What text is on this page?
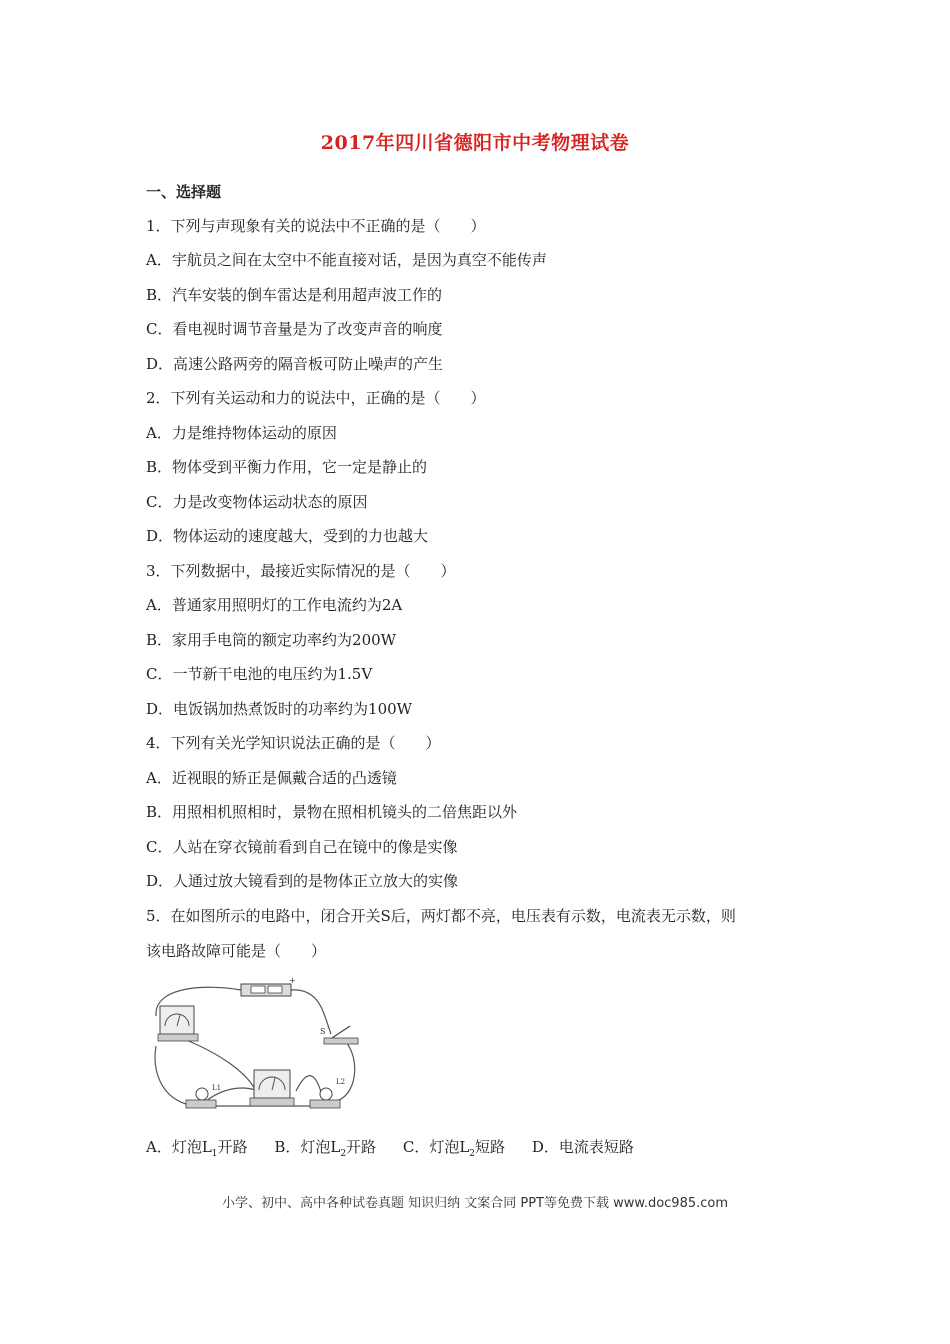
2017年四川省德阳市中考物理试卷
一、选择题
1．下列与声现象有关的说法中不正确的是（　　）
A．宇航员之间在太空中不能直接对话，是因为真空不能传声
B．汽车安装的倒车雷达是利用超声波工作的
C．看电视时调节音量是为了改变声音的响度
D．高速公路两旁的隔音板可防止噪声的产生
2．下列有关运动和力的说法中，正确的是（　　）
A．力是维持物体运动的原因
B．物体受到平衡力作用，它一定是静止的
C．力是改变物体运动状态的原因
D．物体运动的速度越大，受到的力也越大
3．下列数据中，最接近实际情况的是（　　）
A．普通家用照明灯的工作电流约为2A
B．家用手电筒的额定功率约为200W
C．一节新干电池的电压约为1.5V
D．电饭锅加热煮饭时的功率约为100W
4．下列有关光学知识说法正确的是（　　）
A．近视眼的矫正是佩戴合适的凸透镜
B．用照相机照相时，景物在照相机镜头的二倍焦距以外
C．人站在穿衣镜前看到自己在镜中的像是实像
D．人通过放大镜看到的是物体正立放大的实像
5．在如图所示的电路中，闭合开关S后，两灯都不亮，电压表有示数，电流表无示数，则
该电路故障可能是（　　）
+
S
L1
L2
A．灯泡$L_1$开路 B．灯泡$L_2$开路 C．灯泡$L_2$短路 D．电流表短路
小学、初中、高中各种试卷真题 知识归纳 文案合同 PPT等免费下载 www.doc985.com
